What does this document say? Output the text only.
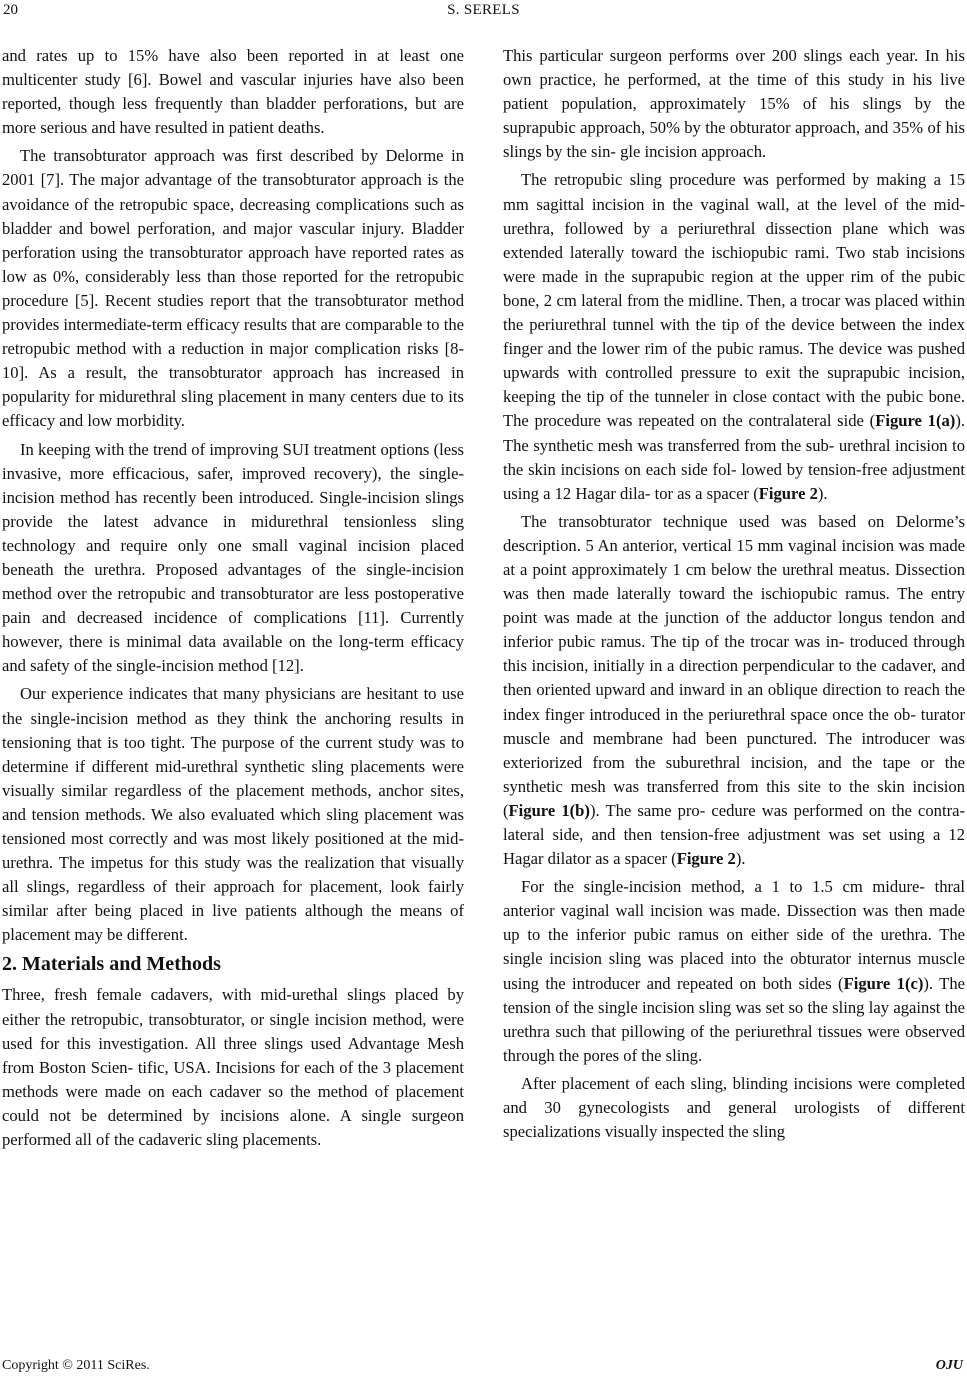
20	S. SERELS

and rates up to 15% have also been reported in at least one multicenter study [6]. Bowel and vascular injuries have also been reported, though less frequently than bladder perforations, but are more serious and have resulted in patient deaths.

The transobturator approach was first described by Delorme in 2001 [7]. The major advantage of the transobturator approach is the avoidance of the retropubic space, decreasing complications such as bladder and bowel perforation, and major vascular injury. Bladder perforation using the transobturator approach have reported rates as low as 0%, considerably less than those reported for the retropubic procedure [5]. Recent studies report that the transobturator method provides intermediate-term efficacy results that are comparable to the retropubic method with a reduction in major complication risks [8-10]. As a result, the transobturator approach has increased in popularity for midurethral sling placement in many centers due to its efficacy and low morbidity.

In keeping with the trend of improving SUI treatment options (less invasive, more efficacious, safer, improved recovery), the single-incision method has recently been introduced. Single-incision slings provide the latest advance in midurethral tensionless sling technology and require only one small vaginal incision placed beneath the urethra. Proposed advantages of the single-incision method over the retropubic and transobturator are less postoperative pain and decreased incidence of complications [11]. Currently however, there is minimal data available on the long-term efficacy and safety of the single-incision method [12].

Our experience indicates that many physicians are hesitant to use the single-incision method as they think the anchoring results in tensioning that is too tight. The purpose of the current study was to determine if different mid-urethral synthetic sling placements were visually similar regardless of the placement methods, anchor sites, and tension methods. We also evaluated which sling placement was tensioned most correctly and was most likely positioned at the mid-urethra. The impetus for this study was the realization that visually all slings, regardless of their approach for placement, look fairly similar after being placed in live patients although the means of placement may be different.

2. Materials and Methods

Three, fresh female cadavers, with mid-urethal slings placed by either the retropubic, transobturator, or single incision method, were used for this investigation. All three slings used Advantage Mesh from Boston Scien- tific, USA. Incisions for each of the 3 placement methods were made on each cadaver so the method of placement could not be determined by incisions alone. A single surgeon performed all of the cadaveric sling placements.

This particular surgeon performs over 200 slings each year. In his own practice, he performed, at the time of this study in his live patient population, approximately 15% of his slings by the suprapubic approach, 50% by the obturator approach, and 35% of his slings by the sin- gle incision approach.

The retropubic sling procedure was performed by making a 15 mm sagittal incision in the vaginal wall, at the level of the mid-urethra, followed by a periurethral dissection plane which was extended laterally toward the ischiopubic rami. Two stab incisions were made in the suprapubic region at the upper rim of the pubic bone, 2 cm lateral from the midline. Then, a trocar was placed within the periurethral tunnel with the tip of the device between the index finger and the lower rim of the pubic ramus. The device was pushed upwards with controlled pressure to exit the suprapubic incision, keeping the tip of the tunneler in close contact with the pubic bone. The procedure was repeated on the contralateral side (Figure 1(a)). The synthetic mesh was transferred from the sub- urethral incision to the skin incisions on each side fol- lowed by tension-free adjustment using a 12 Hagar dila- tor as a spacer (Figure 2).

The transobturator technique used was based on Delorme’s description. 5 An anterior, vertical 15 mm vaginal incision was made at a point approximately 1 cm below the urethral meatus. Dissection was then made laterally toward the ischiopubic ramus. The entry point was made at the junction of the adductor longus tendon and inferior pubic ramus. The tip of the trocar was in- troduced through this incision, initially in a direction perpendicular to the cadaver, and then oriented upward and inward in an oblique direction to reach the index finger introduced in the periurethral space once the ob- turator muscle and membrane had been punctured. The introducer was exteriorized from the suburethral incision, and the tape or the synthetic mesh was transferred from this site to the skin incision (Figure 1(b)). The same pro- cedure was performed on the contra-lateral side, and then tension-free adjustment was set using a 12 Hagar dilator as a spacer (Figure 2).

For the single-incision method, a 1 to 1.5 cm midure- thral anterior vaginal wall incision was made. Dissection was then made up to the inferior pubic ramus on either side of the urethra. The single incision sling was placed into the obturator internus muscle using the introducer and repeated on both sides (Figure 1(c)). The tension of the single incision sling was set so the sling lay against the urethra such that pillowing of the periurethral tissues were observed through the pores of the sling.

After placement of each sling, blinding incisions were completed and 30 gynecologists and general urologists of different specializations visually inspected the sling

Copyright © 2011 SciRes.	OJU
